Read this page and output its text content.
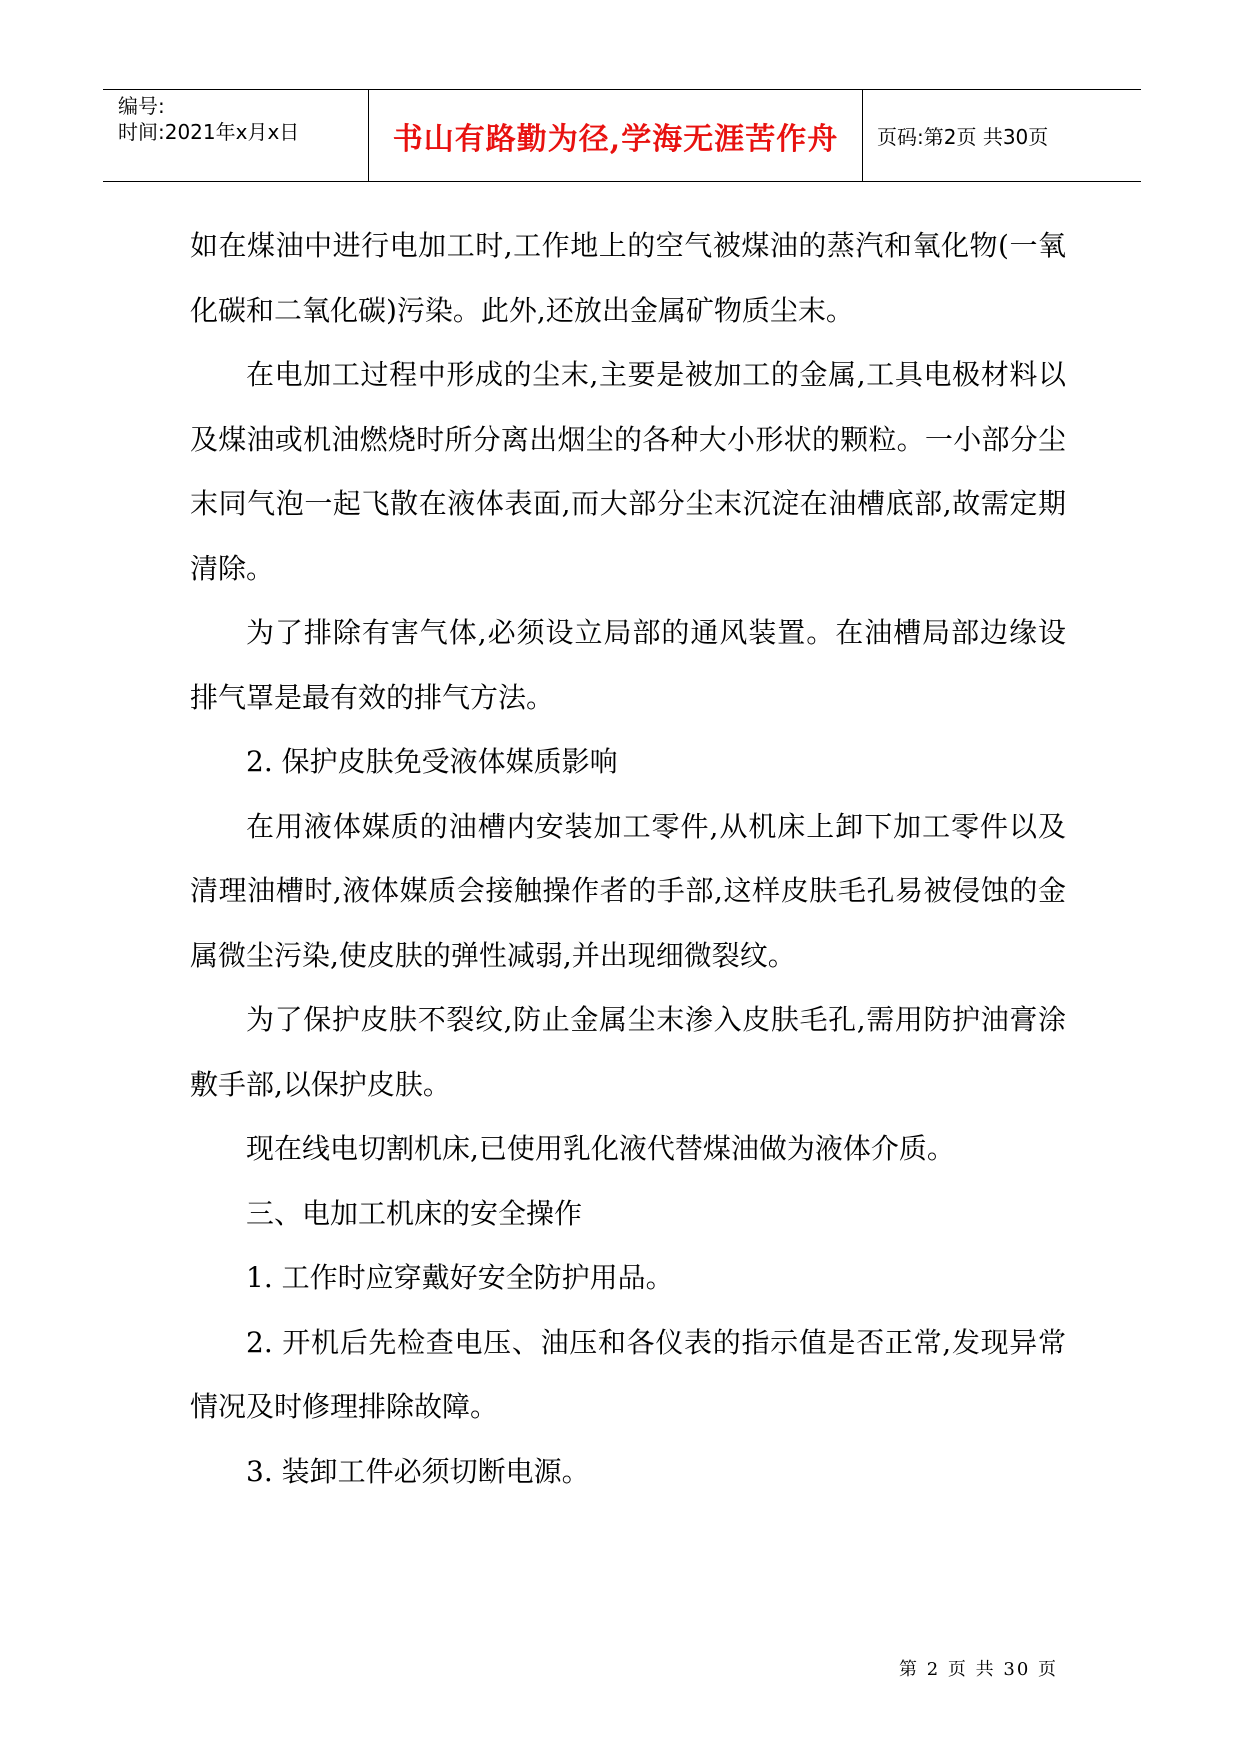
编号:
时间:2021年x月x日	书山有路勤为径,学海无涯苦作舟	页码:第2页 共30页

如在煤油中进行电加工时,工作地上的空气被煤油的蒸汽和氧化物(一氧化碳和二氧化碳)污染。此外,还放出金属矿物质尘末。

在电加工过程中形成的尘末,主要是被加工的金属,工具电极材料以及煤油或机油燃烧时所分离出烟尘的各种大小形状的颗粒。一小部分尘末同气泡一起飞散在液体表面,而大部分尘末沉淀在油槽底部,故需定期清除。

为了排除有害气体,必须设立局部的通风装置。在油槽局部边缘设排气罩是最有效的排气方法。

2. 保护皮肤免受液体媒质影响

在用液体媒质的油槽内安装加工零件,从机床上卸下加工零件以及清理油槽时,液体媒质会接触操作者的手部,这样皮肤毛孔易被侵蚀的金属微尘污染,使皮肤的弹性减弱,并出现细微裂纹。

为了保护皮肤不裂纹,防止金属尘末渗入皮肤毛孔,需用防护油膏涂敷手部,以保护皮肤。

现在线电切割机床,已使用乳化液代替煤油做为液体介质。

三、电加工机床的安全操作

1. 工作时应穿戴好安全防护用品。

2. 开机后先检查电压、油压和各仪表的指示值是否正常,发现异常情况及时修理排除故障。

3. 装卸工件必须切断电源。

第 2 页 共 30 页
